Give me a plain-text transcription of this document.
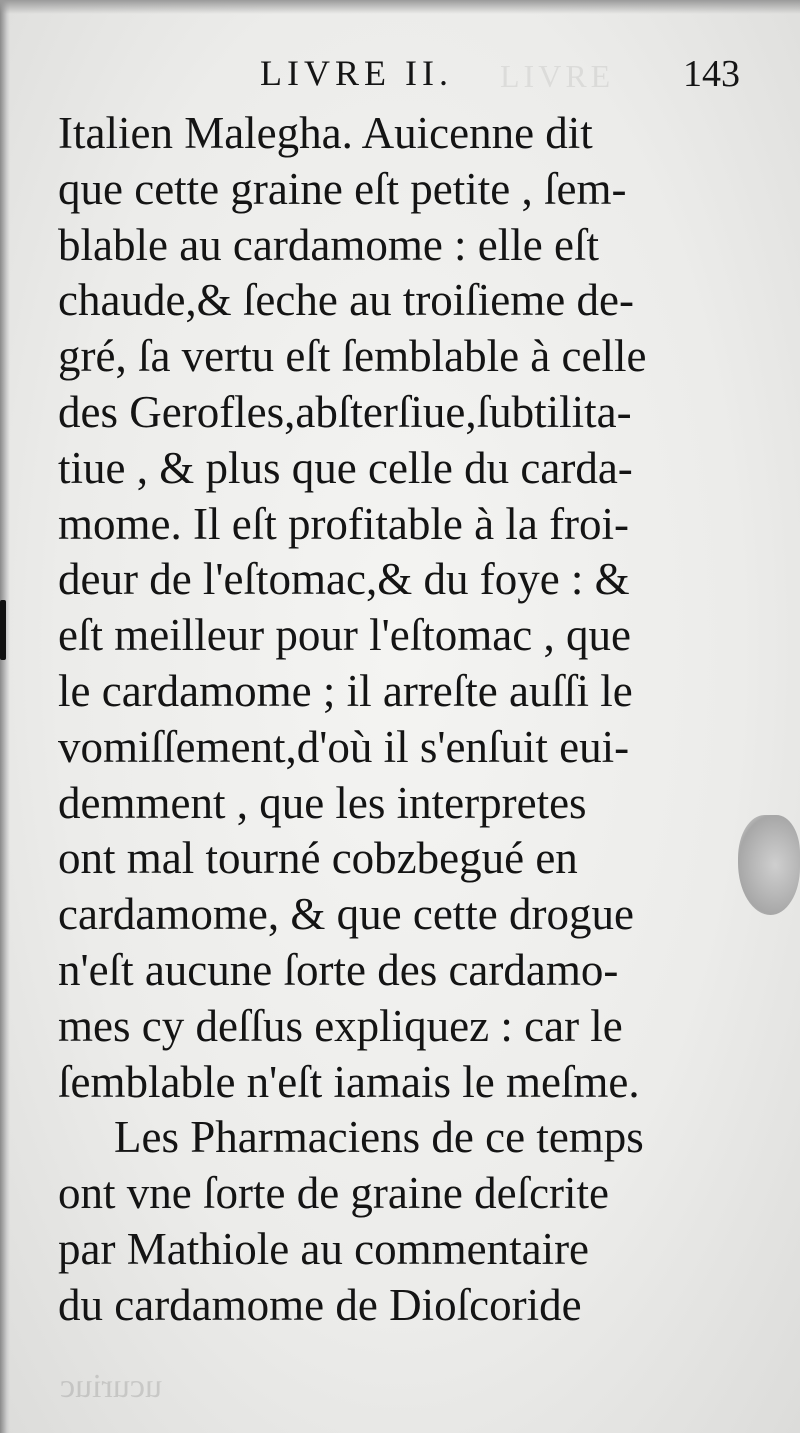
LIVRE
LIVRE II.	143
Italien Malegha. Auicenne dit
que cette graine eſt petite , ſem-
blable au cardamome : elle eſt
chaude,& ſeche au troiſieme de-
gré, ſa vertu eſt ſemblable à celle
des Gerofles,abſterſiue,ſubtilita-
tiue , & plus que celle du carda-
mome. Il eſt profitable à la froi-
deur de l'eſtomac,& du foye : &
eſt meilleur pour l'eſtomac , que
le cardamome ; il arreſte auſſi le
vomiſſement,d'où il s'enſuit eui-
demment , que les interpretes
ont mal tourné cobzbegué en
cardamome, & que cette drogue
n'eſt aucune ſorte des cardamo-
mes cy deſſus expliquez : car le
ſemblable n'eſt iamais le meſme.
Les Pharmaciens de ce temps
ont vne ſorte de graine deſcrite
par Mathiole au commentaire
du cardamome de Dioſcoride
ucuriuc
